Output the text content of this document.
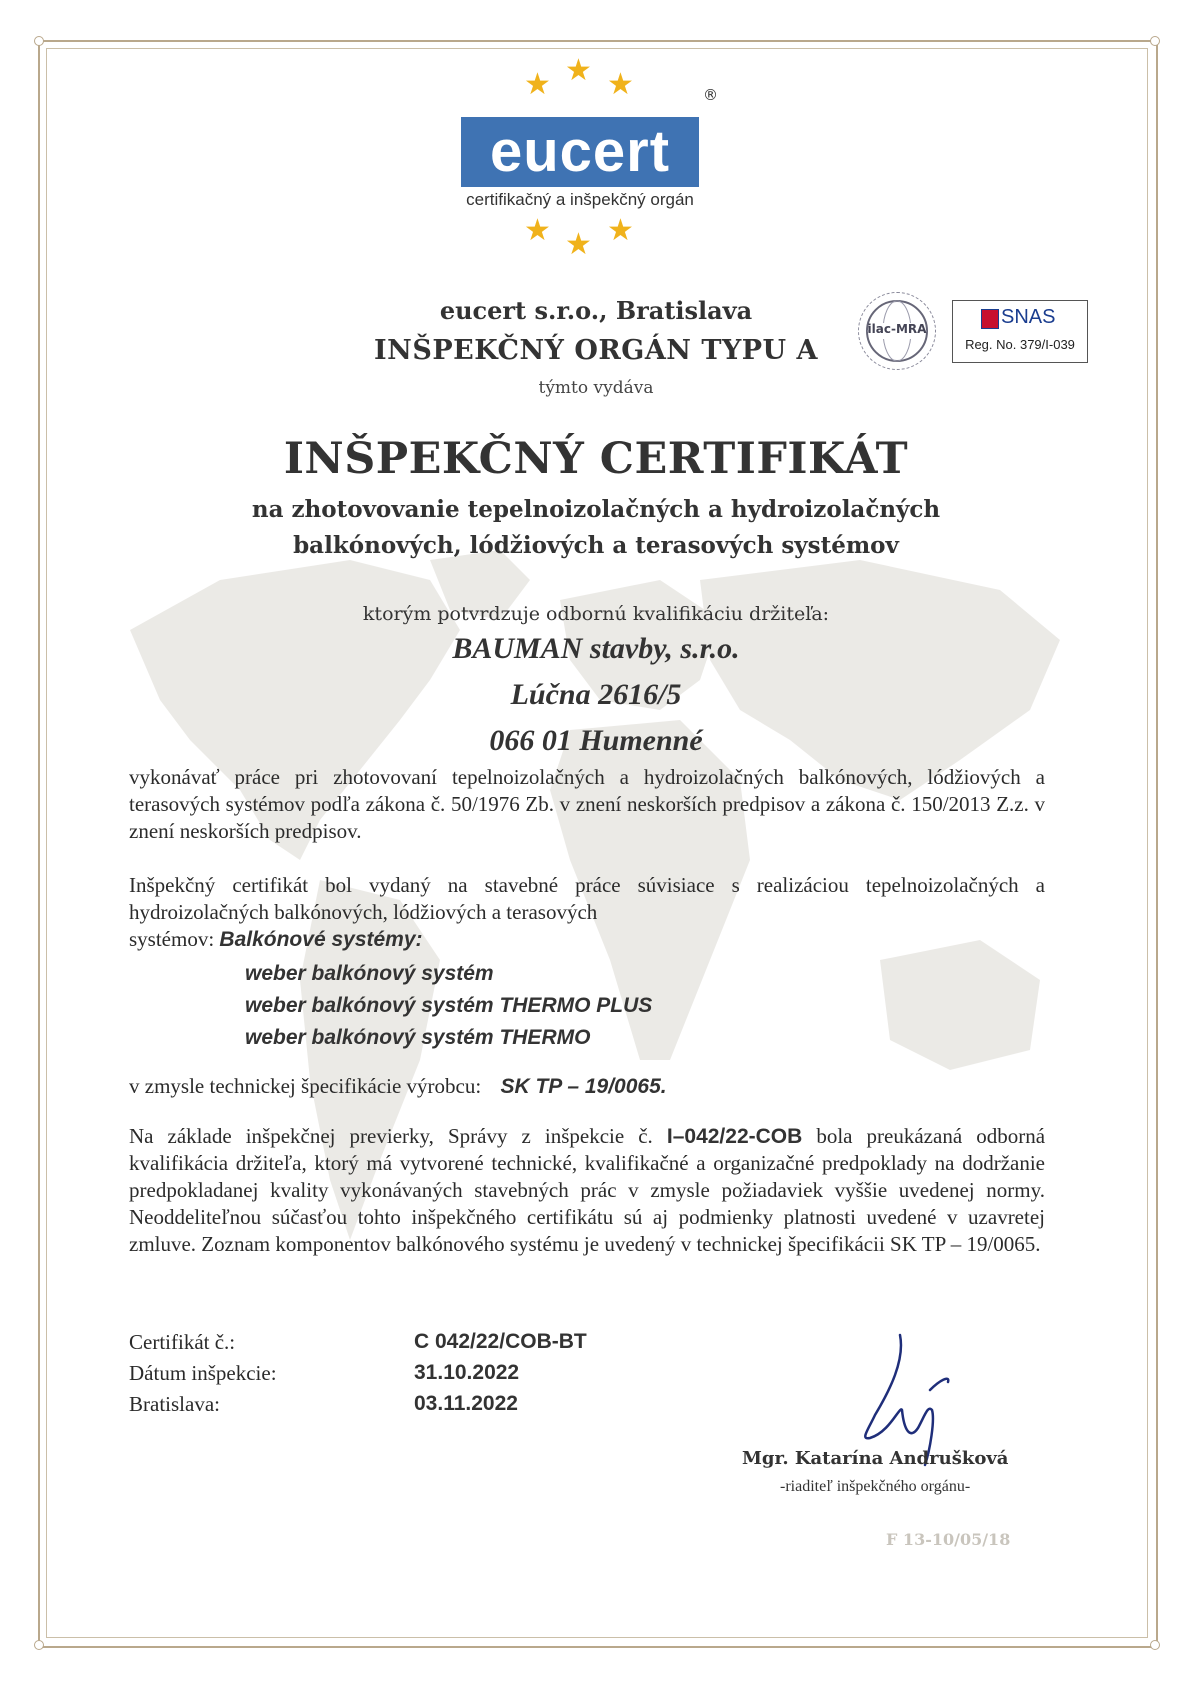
★ ★ ★
eucert
®
certifikačný a inšpekčný orgán
★ ★ ★
ilac-MRA
SNAS
Reg. No. 379/I-039
eucert s.r.o., Bratislava
INŠPEKČNÝ ORGÁN TYPU A
týmto vydáva
INŠPEKČNÝ CERTIFIKÁT
na zhotovovanie tepelnoizolačných a hydroizolačných
balkónových, lódžiových a terasových systémov
ktorým potvrdzuje odbornú kvalifikáciu držiteľa:
BAUMAN stavby, s.r.o.
Lúčna 2616/5
066 01 Humenné
vykonávať práce pri zhotovovaní tepelnoizolačných a hydroizolačných balkónových, lódžiových a terasových systémov podľa zákona č. 50/1976 Zb. v znení neskorších predpisov a zákona č. 150/2013 Z.z. v znení neskorších predpisov.
Inšpekčný certifikát bol vydaný na stavebné práce súvisiace s realizáciou tepelnoizolačných a hydroizolačných balkónových, lódžiových a terasových
systémov: Balkónové systémy:
weber balkónový systém
weber balkónový systém THERMO PLUS
weber balkónový systém THERMO
v zmysle technickej špecifikácie výrobcu: SK TP – 19/0065.
Na základe inšpekčnej previerky, Správy z inšpekcie č. I–042/22-COB bola preukázaná odborná kvalifikácia držiteľa, ktorý má vytvorené technické, kvalifikačné a organizačné predpoklady na dodržanie predpokladanej kvality vykonávaných stavebných prác v zmysle požiadaviek vyššie uvedenej normy. Neoddeliteľnou súčasťou tohto inšpekčného certifikátu sú aj podmienky platnosti uvedené v uzavretej zmluve. Zoznam komponentov balkónového systému je uvedený v technickej špecifikácii SK TP – 19/0065.
Certifikát č.:	C 042/22/COB-BT
Dátum inšpekcie:	31.10.2022
Bratislava:	03.11.2022
Mgr. Katarína Andrušková
-riaditeľ inšpekčného orgánu-
F 13-10/05/18
